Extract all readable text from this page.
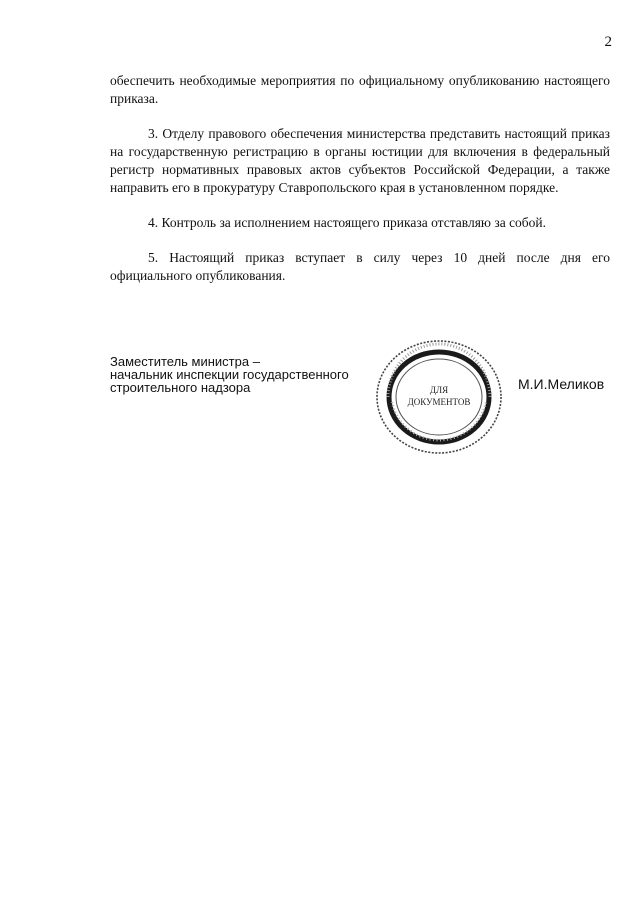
2

обеспечить необходимые мероприятия по официальному опубликованию настоящего приказа.

3. Отделу правового обеспечения министерства представить настоящий приказ на государственную регистрацию в органы юстиции для включения в федеральный регистр нормативных правовых актов субъектов Российской Федерации, а также направить его в прокуратуру Ставропольского края в установленном порядке.

4. Контроль за исполнением настоящего приказа отставляю за собой.

5. Настоящий приказ вступает в силу через 10 дней после дня его официального опубликования.

Заместитель министра –
начальник инспекции государственного
строительного надзора	ДЛЯ
ДОКУМЕНТОВ
М.И.Меликов
